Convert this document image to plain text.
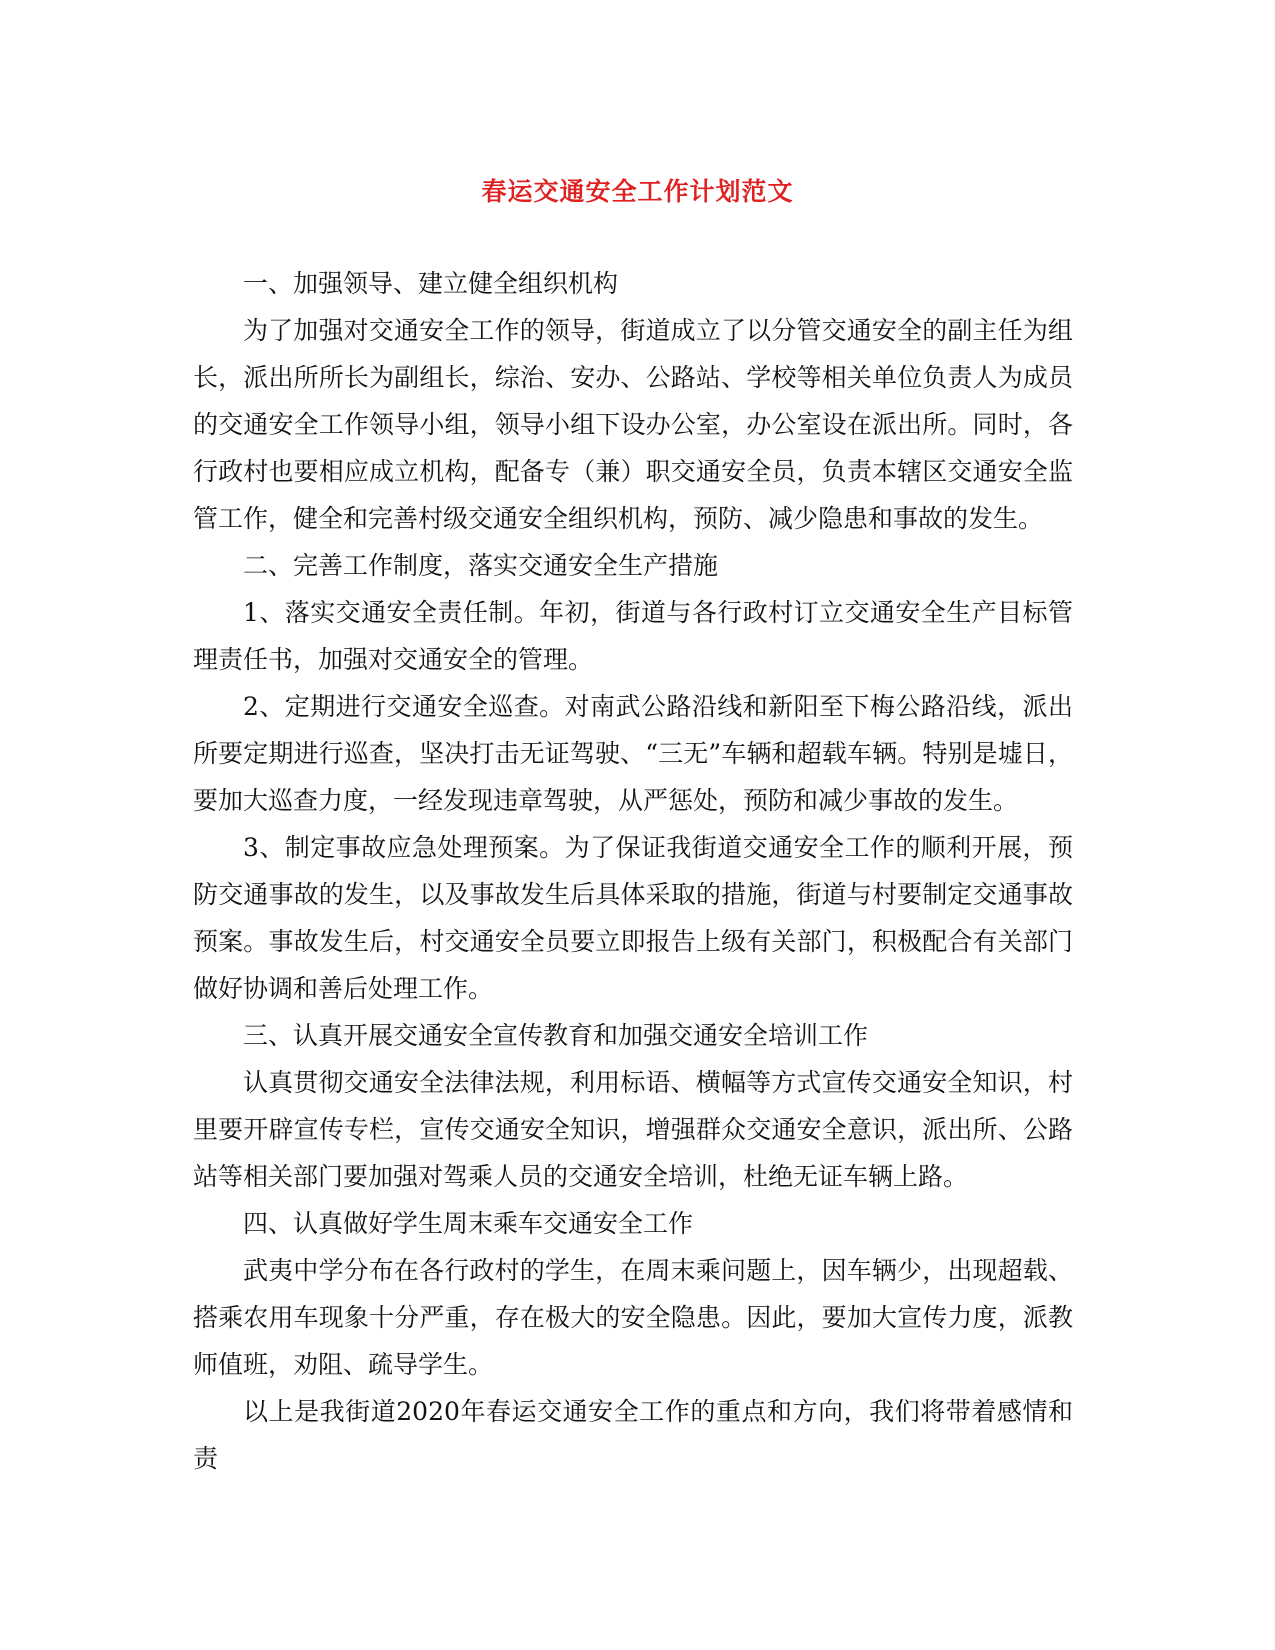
春运交通安全工作计划范文

一、加强领导、建立健全组织机构

为了加强对交通安全工作的领导，街道成立了以分管交通安全的副主任为组长，派出所所长为副组长，综治、安办、公路站、学校等相关单位负责人为成员的交通安全工作领导小组，领导小组下设办公室，办公室设在派出所。同时，各行政村也要相应成立机构，配备专（兼）职交通安全员，负责本辖区交通安全监管工作，健全和完善村级交通安全组织机构，预防、减少隐患和事故的发生。

二、完善工作制度，落实交通安全生产措施

1、落实交通安全责任制。年初，街道与各行政村订立交通安全生产目标管理责任书，加强对交通安全的管理。

2、定期进行交通安全巡查。对南武公路沿线和新阳至下梅公路沿线，派出所要定期进行巡查，坚决打击无证驾驶、“三无”车辆和超载车辆。特别是墟日，要加大巡查力度，一经发现违章驾驶，从严惩处，预防和减少事故的发生。

3、制定事故应急处理预案。为了保证我街道交通安全工作的顺利开展，预防交通事故的发生，以及事故发生后具体采取的措施，街道与村要制定交通事故预案。事故发生后，村交通安全员要立即报告上级有关部门，积极配合有关部门做好协调和善后处理工作。

三、认真开展交通安全宣传教育和加强交通安全培训工作

认真贯彻交通安全法律法规，利用标语、横幅等方式宣传交通安全知识，村里要开辟宣传专栏，宣传交通安全知识，增强群众交通安全意识，派出所、公路站等相关部门要加强对驾乘人员的交通安全培训，杜绝无证车辆上路。

四、认真做好学生周末乘车交通安全工作

武夷中学分布在各行政村的学生，在周末乘问题上，因车辆少，出现超载、搭乘农用车现象十分严重，存在极大的安全隐患。因此，要加大宣传力度，派教师值班，劝阻、疏导学生。

以上是我街道2020年春运交通安全工作的重点和方向，我们将带着感情和责
